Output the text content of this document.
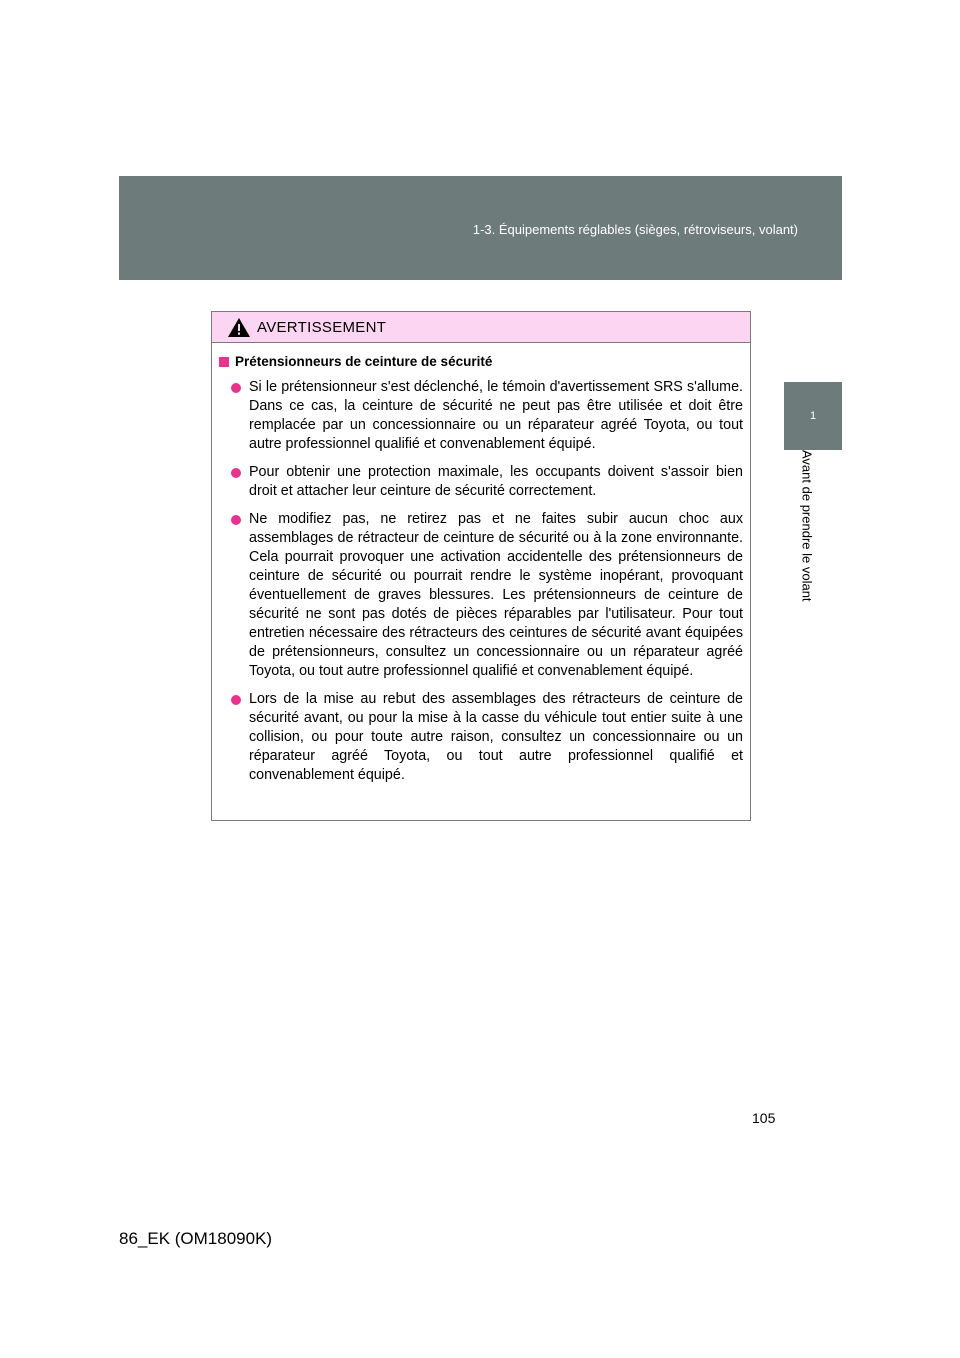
1-3. Équipements réglables (sièges, rétroviseurs, volant)
1
Avant de prendre le volant
AVERTISSEMENT
Prétensionneurs de ceinture de sécurité
Si le prétensionneur s'est déclenché, le témoin d'avertissement SRS s'allume. Dans ce cas, la ceinture de sécurité ne peut pas être utilisée et doit être remplacée par un concessionnaire ou un réparateur agréé Toyota, ou tout autre professionnel qualifié et convenablement équipé.
Pour obtenir une protection maximale, les occupants doivent s'assoir bien droit et attacher leur ceinture de sécurité correctement.
Ne modifiez pas, ne retirez pas et ne faites subir aucun choc aux assemblages de rétracteur de ceinture de sécurité ou à la zone environnante. Cela pourrait provoquer une activation accidentelle des prétensionneurs de ceinture de sécurité ou pourrait rendre le système inopérant, provoquant éventuellement de graves blessures. Les prétensionneurs de ceinture de sécurité ne sont pas dotés de pièces réparables par l'utilisateur. Pour tout entretien nécessaire des rétracteurs des ceintures de sécurité avant équipées de prétensionneurs, consultez un concessionnaire ou un réparateur agréé Toyota, ou tout autre professionnel qualifié et convenablement équipé.
Lors de la mise au rebut des assemblages des rétracteurs de ceinture de sécurité avant, ou pour la mise à la casse du véhicule tout entier suite à une collision, ou pour toute autre raison, consultez un concessionnaire ou un réparateur agréé Toyota, ou tout autre professionnel qualifié et convenablement équipé.
105
86_EK (OM18090K)
